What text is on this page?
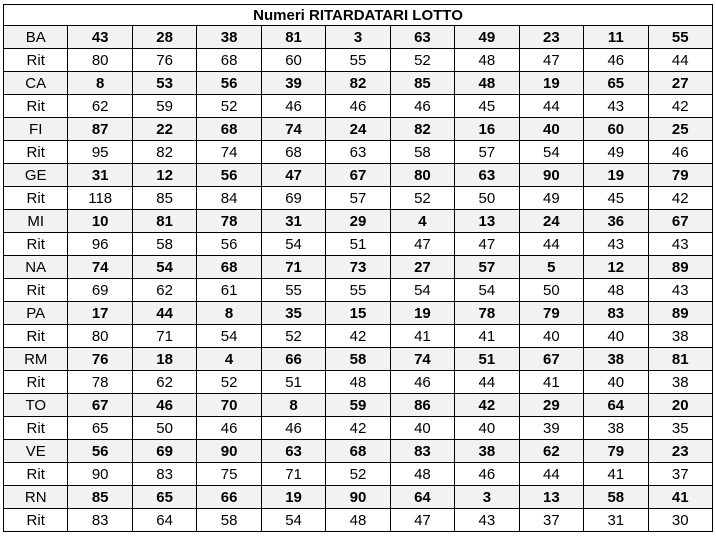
Numeri RITARDATARI LOTTO										
BA	43	28	38	81	3	63	49	23	11	55
Rit	80	76	68	60	55	52	48	47	46	44
CA	8	53	56	39	82	85	48	19	65	27
Rit	62	59	52	46	46	46	45	44	43	42
FI	87	22	68	74	24	82	16	40	60	25
Rit	95	82	74	68	63	58	57	54	49	46
GE	31	12	56	47	67	80	63	90	19	79
Rit	118	85	84	69	57	52	50	49	45	42
MI	10	81	78	31	29	4	13	24	36	67
Rit	96	58	56	54	51	47	47	44	43	43
NA	74	54	68	71	73	27	57	5	12	89
Rit	69	62	61	55	55	54	54	50	48	43
PA	17	44	8	35	15	19	78	79	83	89
Rit	80	71	54	52	42	41	41	40	40	38
RM	76	18	4	66	58	74	51	67	38	81
Rit	78	62	52	51	48	46	44	41	40	38
TO	67	46	70	8	59	86	42	29	64	20
Rit	65	50	46	46	42	40	40	39	38	35
VE	56	69	90	63	68	83	38	62	79	23
Rit	90	83	75	71	52	48	46	44	41	37
RN	85	65	66	19	90	64	3	13	58	41
Rit	83	64	58	54	48	47	43	37	31	30
